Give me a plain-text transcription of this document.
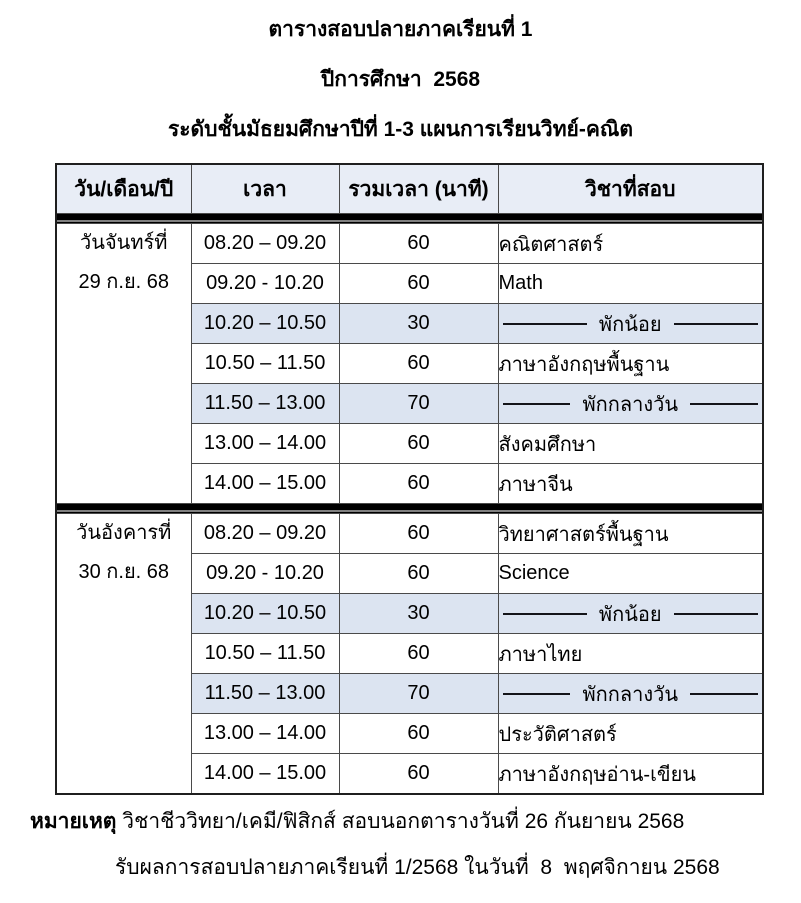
ตารางสอบปลายภาคเรียนที่ 1
ปีการศึกษา  2568
ระดับชั้นมัธยมศึกษาปีที่ 1-3 แผนการเรียนวิทย์-คณิต
วัน/เดือน/ปี	เวลา	รวมเวลา (นาที)	วิชาที่สอบ

วันจันทร์ที่
29 ก.ย. 68	08.20 – 09.20	60	คณิตศาสตร์
	09.20 - 10.20	60	Math
	10.20 – 10.50	30	พักน้อย

	10.50 – 11.50	60	ภาษาอังกฤษพื้นฐาน
	11.50 – 13.00	70	พักกลางวัน

	13.00 – 14.00	60	สังคมศึกษา
	14.00 – 15.00	60	ภาษาจีน

วันอังคารที่
30 ก.ย. 68	08.20 – 09.20	60	วิทยาศาสตร์พื้นฐาน
	09.20 - 10.20	60	Science
	10.20 – 10.50	30	พักน้อย

	10.50 – 11.50	60	ภาษาไทย
	11.50 – 13.00	70	พักกลางวัน

	13.00 – 14.00	60	ประวัติศาสตร์
	14.00 – 15.00	60	ภาษาอังกฤษอ่าน-เขียน
หมายเหตุ วิชาชีววิทยา/เคมี/ฟิสิกส์ สอบนอกตารางวันที่ 26 กันยายน 2568
รับผลการสอบปลายภาคเรียนที่ 1/2568 ในวันที่  8  พฤศจิกายน 2568
